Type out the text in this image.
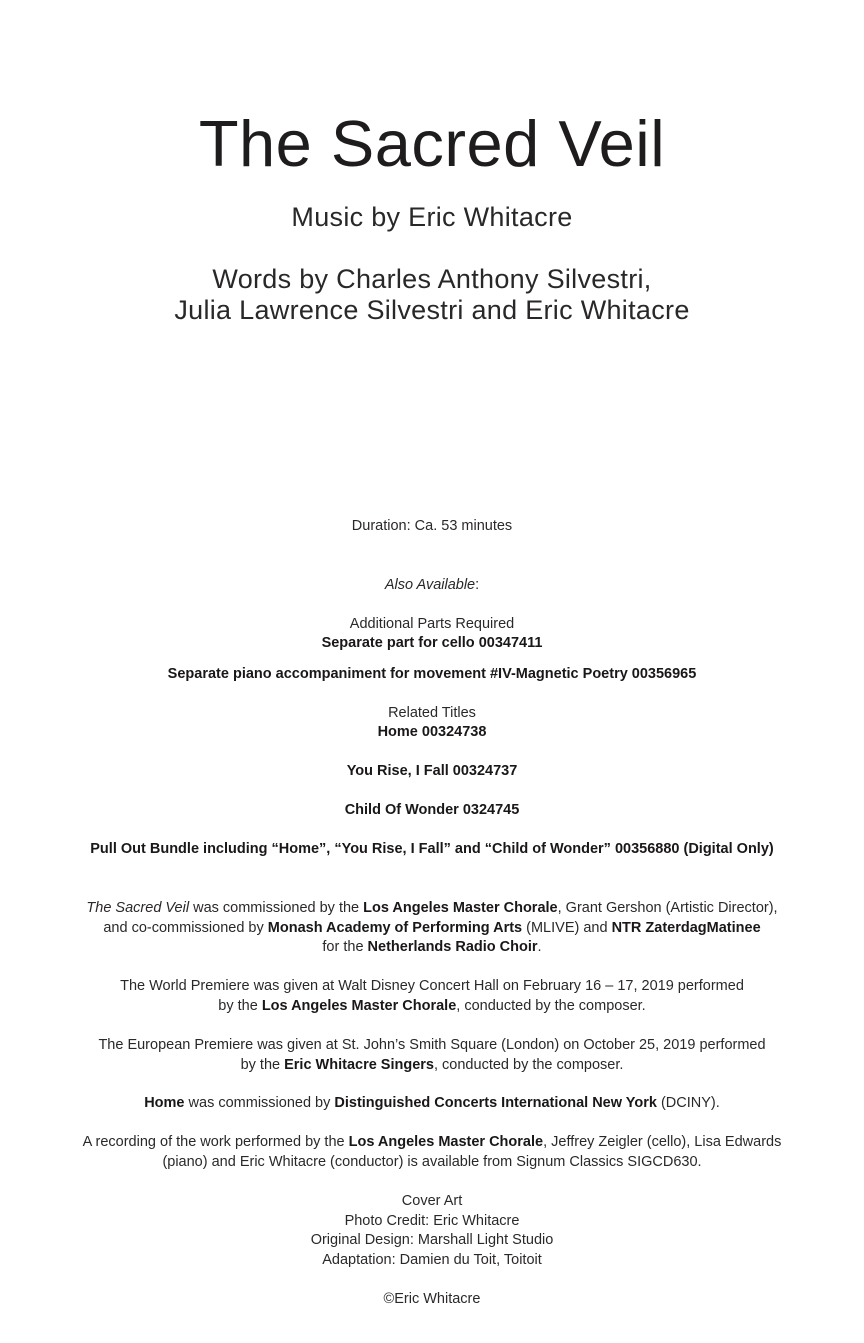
The Sacred Veil
Music by Eric Whitacre
Words by Charles Anthony Silvestri,
Julia Lawrence Silvestri and Eric Whitacre
Duration: Ca. 53 minutes
Also Available:
Additional Parts Required
Separate part for cello 00347411
Separate piano accompaniment for movement #IV-Magnetic Poetry 00356965
Related Titles
Home 00324738
You Rise, I Fall 00324737
Child Of Wonder 0324745
Pull Out Bundle including “Home”, “You Rise, I Fall” and “Child of Wonder” 00356880 (Digital Only)
The Sacred Veil was commissioned by the Los Angeles Master Chorale, Grant Gershon (Artistic Director),
and co-commissioned by Monash Academy of Performing Arts (MLIVE) and NTR ZaterdagMatinee
for the Netherlands Radio Choir.
The World Premiere was given at Walt Disney Concert Hall on February 16 – 17, 2019 performed
by the Los Angeles Master Chorale, conducted by the composer.
The European Premiere was given at St. John’s Smith Square (London) on October 25, 2019 performed
by the Eric Whitacre Singers, conducted by the composer.
Home was commissioned by Distinguished Concerts International New York (DCINY).
A recording of the work performed by the Los Angeles Master Chorale, Jeffrey Zeigler (cello), Lisa Edwards
(piano) and Eric Whitacre (conductor) is available from Signum Classics SIGCD630.
Cover Art
Photo Credit: Eric Whitacre
Original Design: Marshall Light Studio
Adaptation: Damien du Toit, Toitoit
©Eric Whitacre
